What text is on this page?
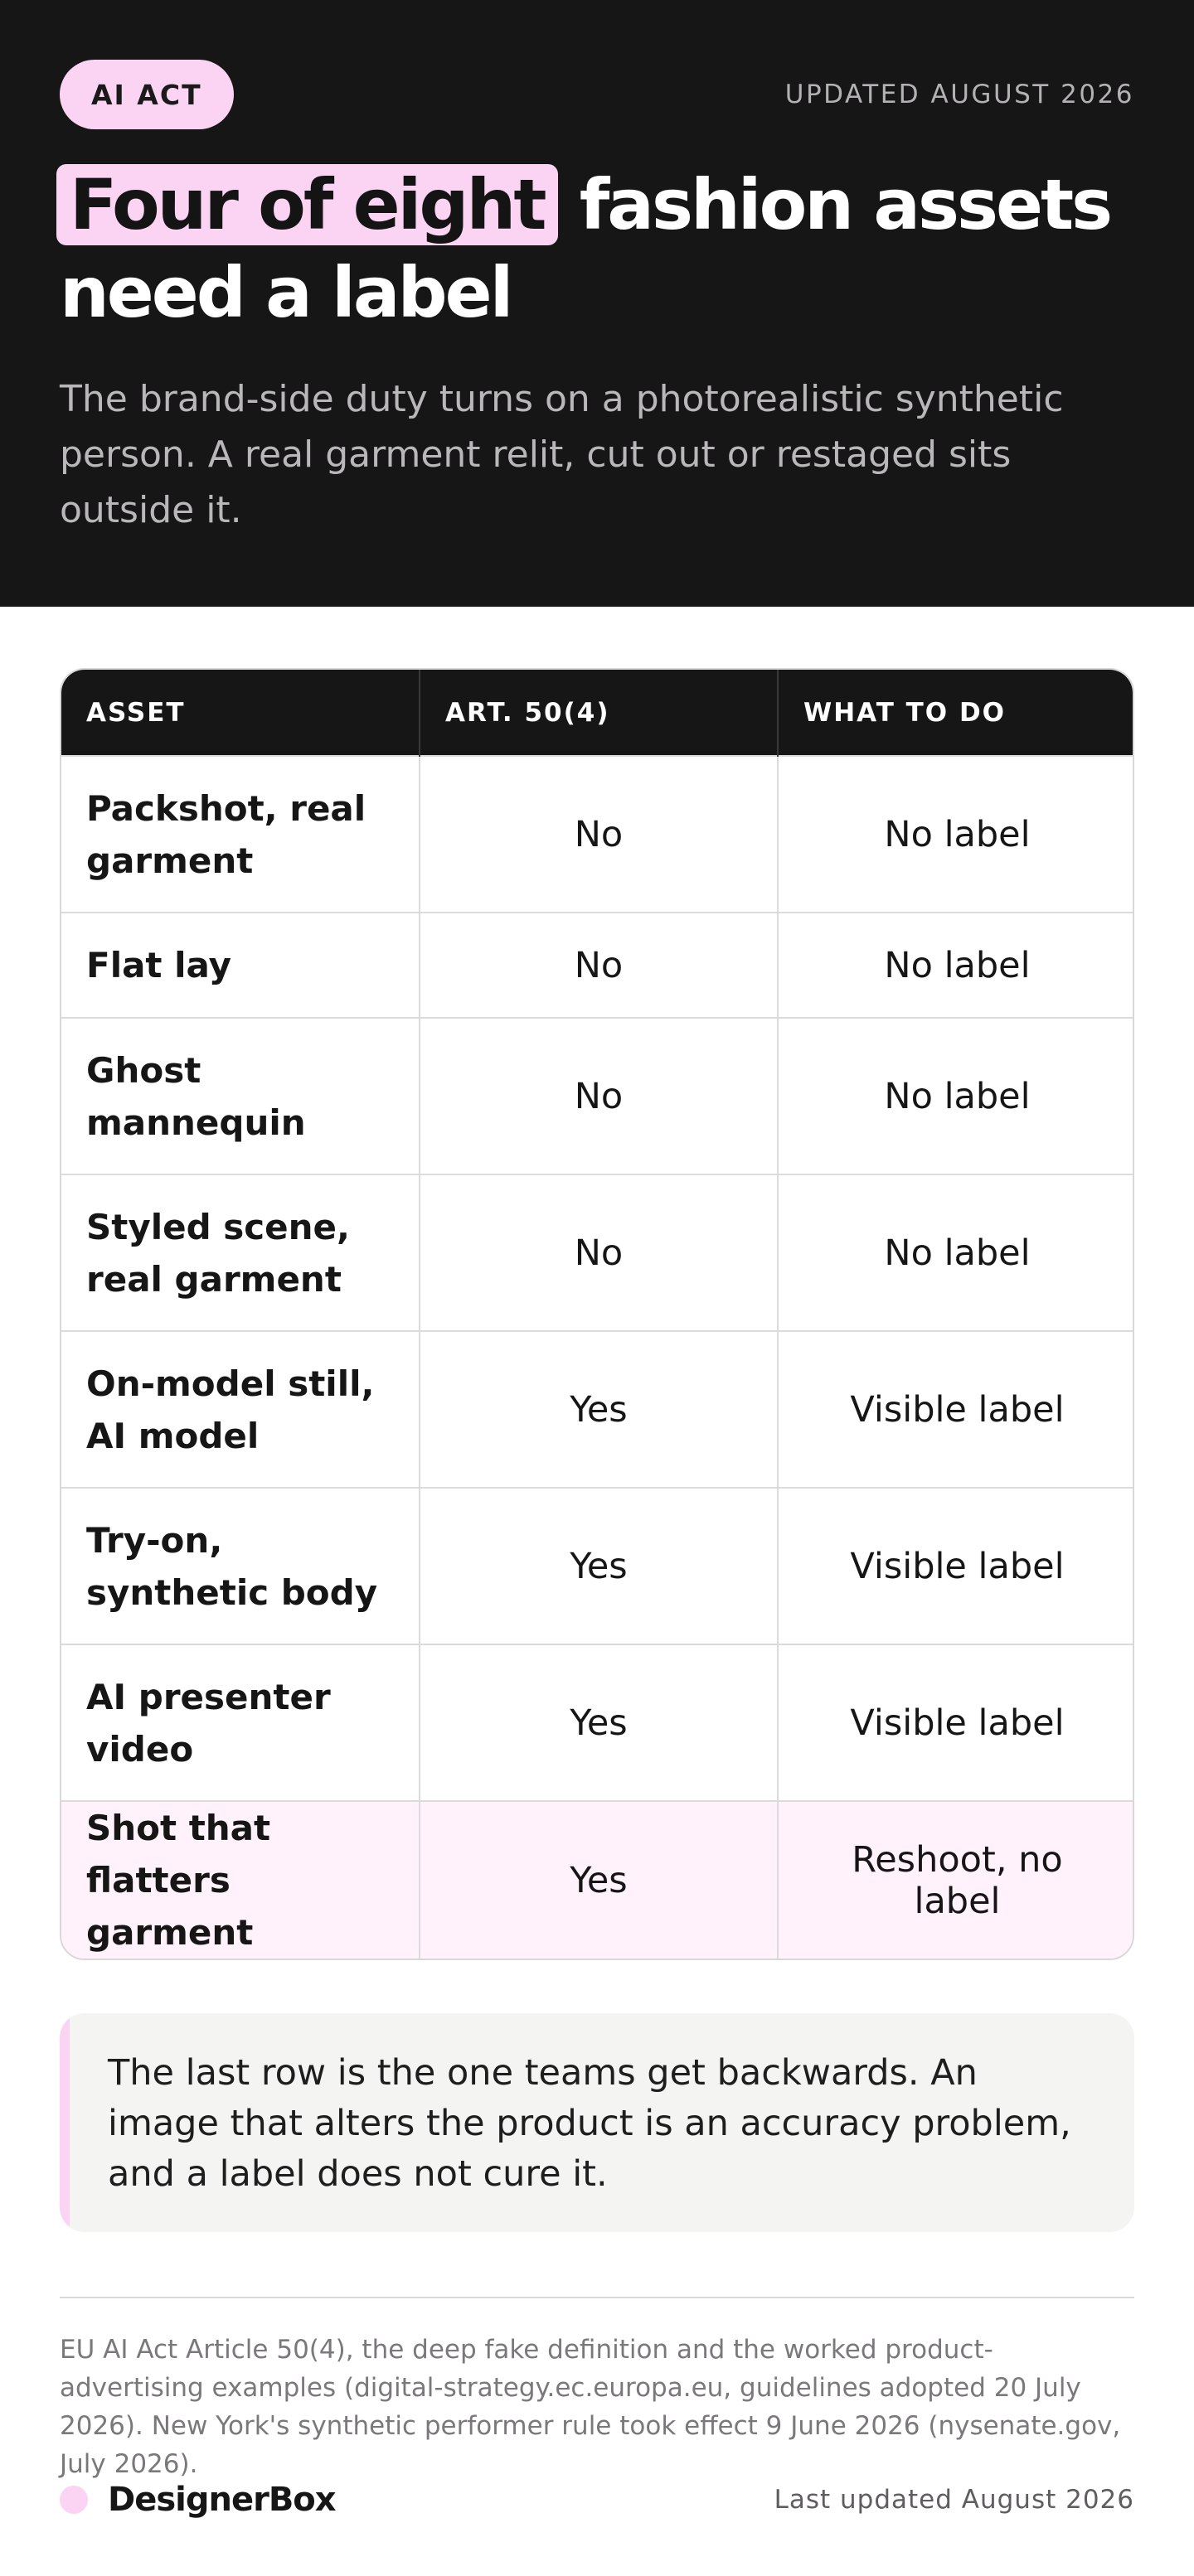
AI ACT	UPDATED AUGUST 2026
Four of eight fashion assets need a label

The brand-side duty turns on a photorealistic synthetic person. A real garment relit, cut out or restaged sits outside it.

ASSET	ART. 50(4)	WHAT TO DO
Packshot, real garment	No	No label
Flat lay	No	No label
Ghost mannequin	No	No label
Styled scene, real garment	No	No label
On-model still, AI model	Yes	Visible label
Try-on, synthetic body	Yes	Visible label
AI presenter video	Yes	Visible label
Shot that flatters garment	Yes	Reshoot, no label

The last row is the one teams get backwards. An image that alters the product is an accuracy problem, and a label does not cure it.

EU AI Act Article 50(4), the deep fake definition and the worked product-advertising examples (digital-strategy.ec.europa.eu, guidelines adopted 20 July 2026). New York's synthetic performer rule took effect 9 June 2026 (nysenate.gov, July 2026).

DesignerBox	Last updated August 2026
